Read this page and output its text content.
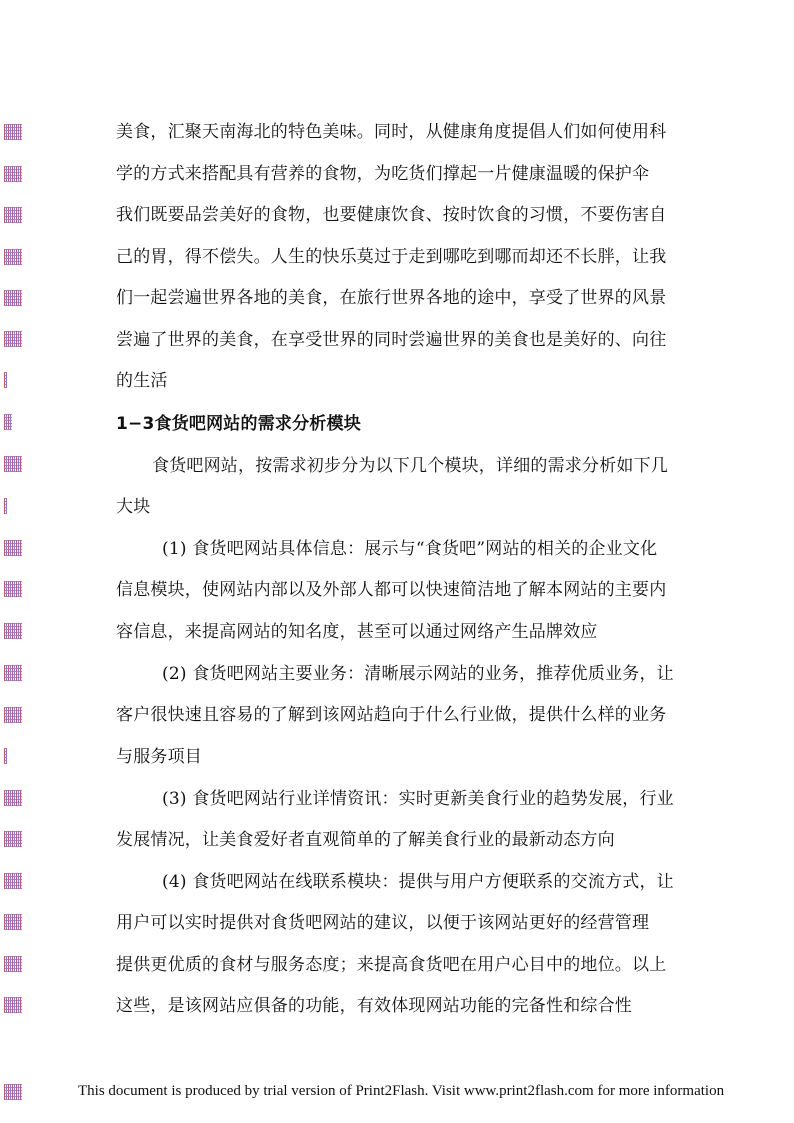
美食，汇聚天南海北的特色美味。同时，从健康角度提倡人们如何使用科
学的方式来搭配具有营养的食物，为吃货们撑起一片健康温暖的保护伞
我们既要品尝美好的食物，也要健康饮食、按时饮食的习惯，不要伤害自
己的胃，得不偿失。人生的快乐莫过于走到哪吃到哪而却还不长胖，让我
们一起尝遍世界各地的美食，在旅行世界各地的途中，享受了世界的风景
尝遍了世界的美食，在享受世界的同时尝遍世界的美食也是美好的、向往
的生活
1−3食货吧网站的需求分析模块
食货吧网站，按需求初步分为以下几个模块，详细的需求分析如下几
大块
(1) 食货吧网站具体信息：展示与“食货吧”网站的相关的企业文化
信息模块，使网站内部以及外部人都可以快速简洁地了解本网站的主要内
容信息，来提高网站的知名度，甚至可以通过网络产生品牌效应
(2) 食货吧网站主要业务：清晰展示网站的业务，推荐优质业务，让
客户很快速且容易的了解到该网站趋向于什么行业做，提供什么样的业务
与服务项目
(3) 食货吧网站行业详情资讯：实时更新美食行业的趋势发展，行业
发展情况，让美食爱好者直观简单的了解美食行业的最新动态方向
(4) 食货吧网站在线联系模块：提供与用户方便联系的交流方式，让
用户可以实时提供对食货吧网站的建议，以便于该网站更好的经营管理
提供更优质的食材与服务态度；来提高食货吧在用户心目中的地位。以上
这些，是该网站应俱备的功能，有效体现网站功能的完备性和综合性
This document is produced by trial version of Print2Flash. Visit www.print2flash.com for more information
